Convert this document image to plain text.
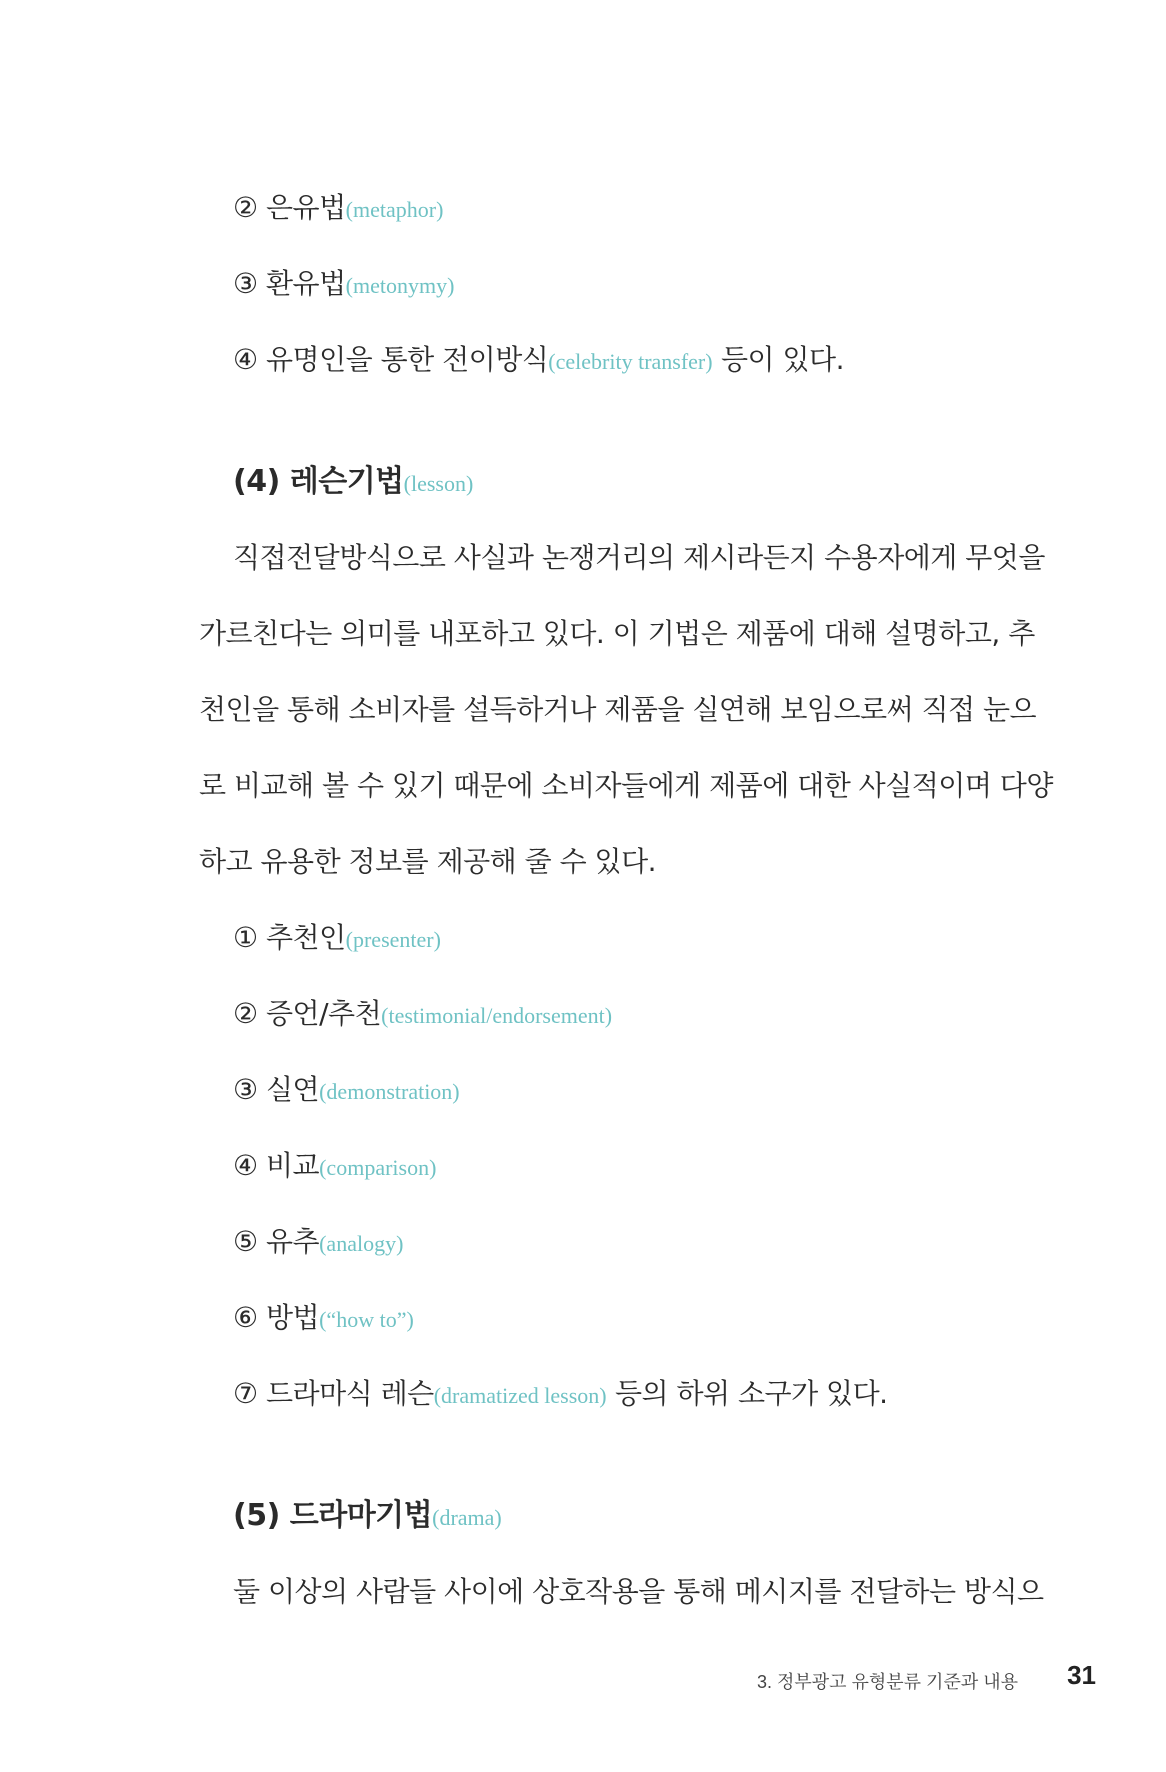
② 은유법(metaphor)
③ 환유법(metonymy)
④ 유명인을 통한 전이방식(celebrity transfer) 등이 있다.
(4) 레슨기법(lesson)
직접전달방식으로 사실과 논쟁거리의 제시라든지 수용자에게 무엇을
가르친다는 의미를 내포하고 있다. 이 기법은 제품에 대해 설명하고, 추
천인을 통해 소비자를 설득하거나 제품을 실연해 보임으로써 직접 눈으
로 비교해 볼 수 있기 때문에 소비자들에게 제품에 대한 사실적이며 다양
하고 유용한 정보를 제공해 줄 수 있다.
① 추천인(presenter)
② 증언/추천(testimonial/endorsement)
③ 실연(demonstration)
④ 비교(comparison)
⑤ 유추(analogy)
⑥ 방법(“how to”)
⑦ 드라마식 레슨(dramatized lesson) 등의 하위 소구가 있다.
(5) 드라마기법(drama)
둘 이상의 사람들 사이에 상호작용을 통해 메시지를 전달하는 방식으
3. 정부광고 유형분류 기준과 내용 31
